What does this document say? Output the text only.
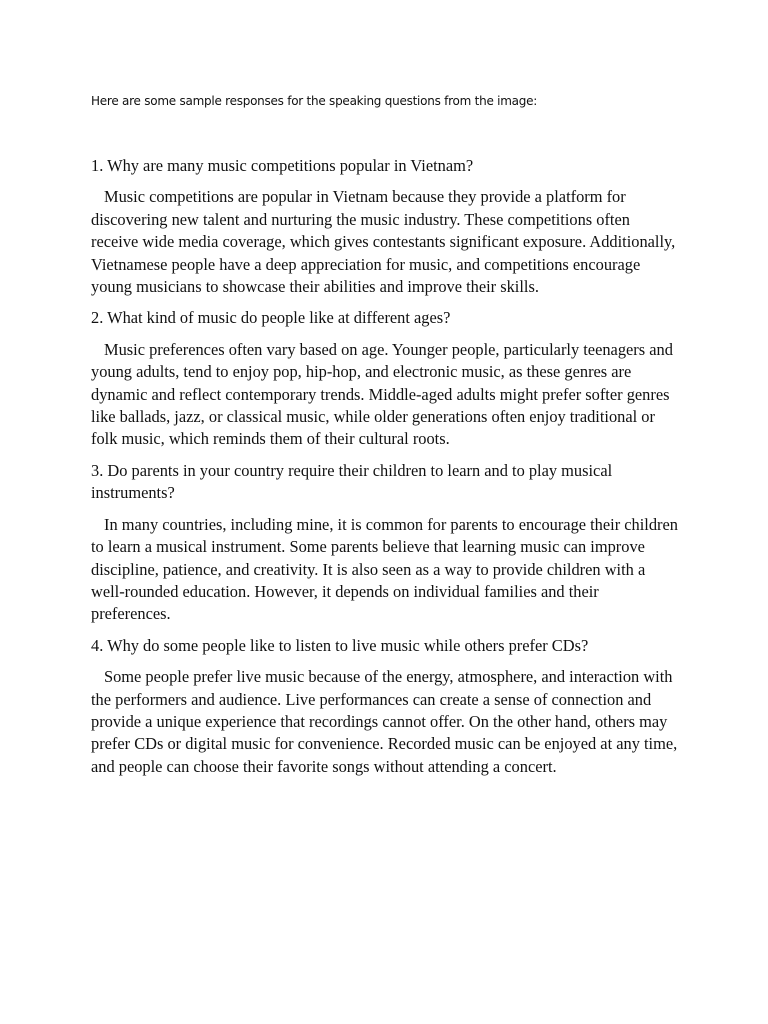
Here are some sample responses for the speaking questions from the image:

1. Why are many music competitions popular in Vietnam?

Music competitions are popular in Vietnam because they provide a platform for discovering new talent and nurturing the music industry. These competitions often receive wide media coverage, which gives contestants significant exposure. Additionally, Vietnamese people have a deep appreciation for music, and competitions encourage young musicians to showcase their abilities and improve their skills.

2. What kind of music do people like at different ages?

Music preferences often vary based on age. Younger people, particularly teenagers and young adults, tend to enjoy pop, hip-hop, and electronic music, as these genres are dynamic and reflect contemporary trends. Middle-aged adults might prefer softer genres like ballads, jazz, or classical music, while older generations often enjoy traditional or folk music, which reminds them of their cultural roots.

3. Do parents in your country require their children to learn and to play musical instruments?

In many countries, including mine, it is common for parents to encourage their children to learn a musical instrument. Some parents believe that learning music can improve discipline, patience, and creativity. It is also seen as a way to provide children with a well-rounded education. However, it depends on individual families and their preferences.

4. Why do some people like to listen to live music while others prefer CDs?

Some people prefer live music because of the energy, atmosphere, and interaction with the performers and audience. Live performances can create a sense of connection and provide a unique experience that recordings cannot offer. On the other hand, others may prefer CDs or digital music for convenience. Recorded music can be enjoyed at any time, and people can choose their favorite songs without attending a concert.
